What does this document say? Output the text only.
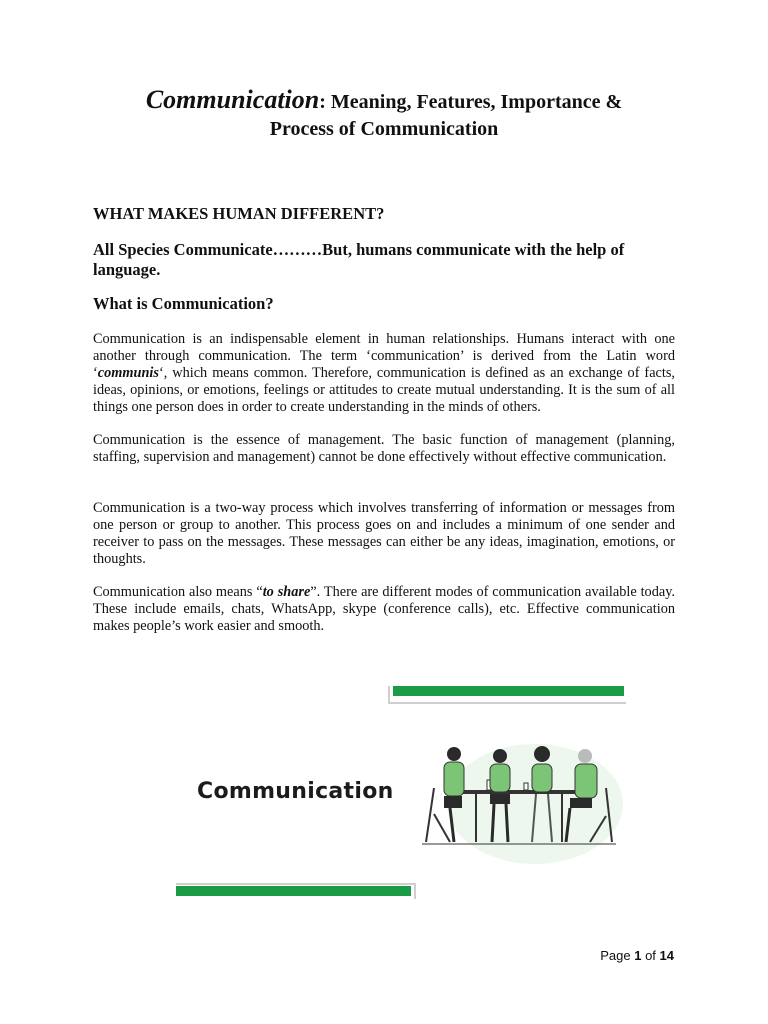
Communication: Meaning, Features, Importance &
Process of Communication
WHAT MAKES HUMAN DIFFERENT?
All Species Communicate………But, humans communicate with the help of language.
What is Communication?
Communication is an indispensable element in human relationships. Humans interact with one another through communication. The term ‘communication’ is derived from the Latin word ‘communis‘, which means common. Therefore, communication is defined as an exchange of facts, ideas, opinions, or emotions, feelings or attitudes to create mutual understanding. It is the sum of all things one person does in order to create understanding in the minds of others.
Communication is the essence of management. The basic function of management (planning, staffing, supervision and management) cannot be done effectively without effective communication.
Communication is a two-way process which involves transferring of information or messages from one person or group to another. This process goes on and includes a minimum of one sender and receiver to pass on the messages. These messages can either be any ideas, imagination, emotions, or thoughts.
Communication also means “to share”. There are different modes of communication available today. These include emails, chats, WhatsApp, skype (conference calls), etc. Effective communication makes people’s work easier and smooth.
Communication
Page 1 of 14
